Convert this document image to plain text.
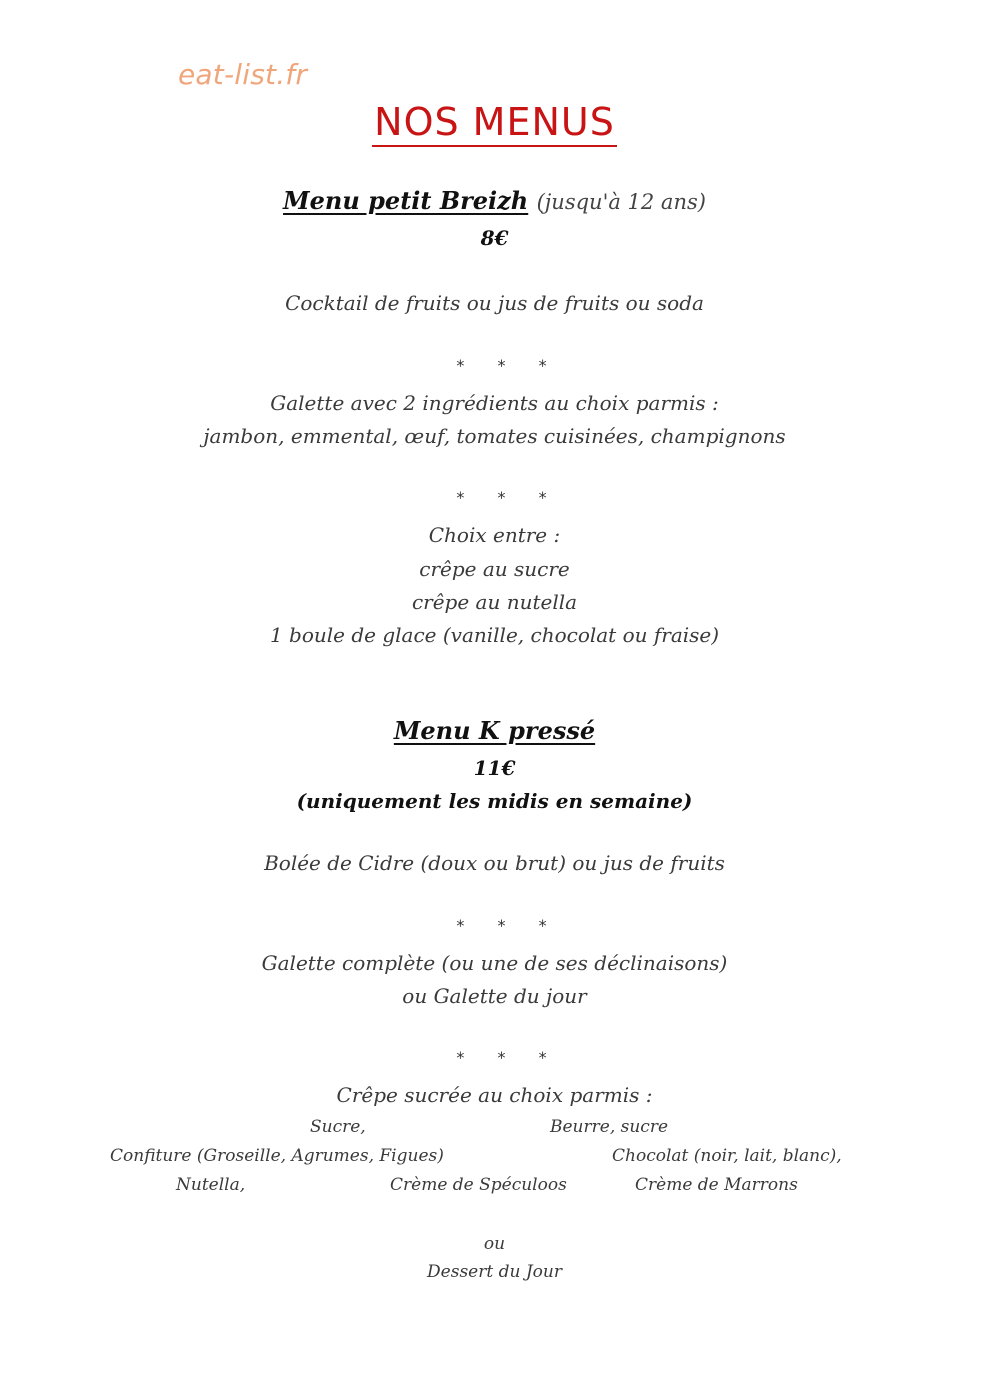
eat-list.fr
NOS MENUS
Menu petit Breizh (jusqu'à 12 ans)
8€
Cocktail de fruits ou jus de fruits ou soda
* * *
Galette avec 2 ingrédients au choix parmis :
jambon, emmental, œuf, tomates cuisinées, champignons
* * *
Choix entre :
crêpe au sucre
crêpe au nutella
1 boule de glace (vanille, chocolat ou fraise)
Menu K pressé
11€
(uniquement les midis en semaine)
Bolée de Cidre (doux ou brut) ou jus de fruits
* * *
Galette complète (ou une de ses déclinaisons)
ou Galette du jour
* * *
Crêpe sucrée au choix parmis :
Sucre,	Beurre, sucre
Confiture (Groseille, Agrumes, Figues)	Chocolat (noir, lait, blanc),
Nutella,	Crème de Spéculoos	Crème de Marrons
ou
Dessert du Jour
